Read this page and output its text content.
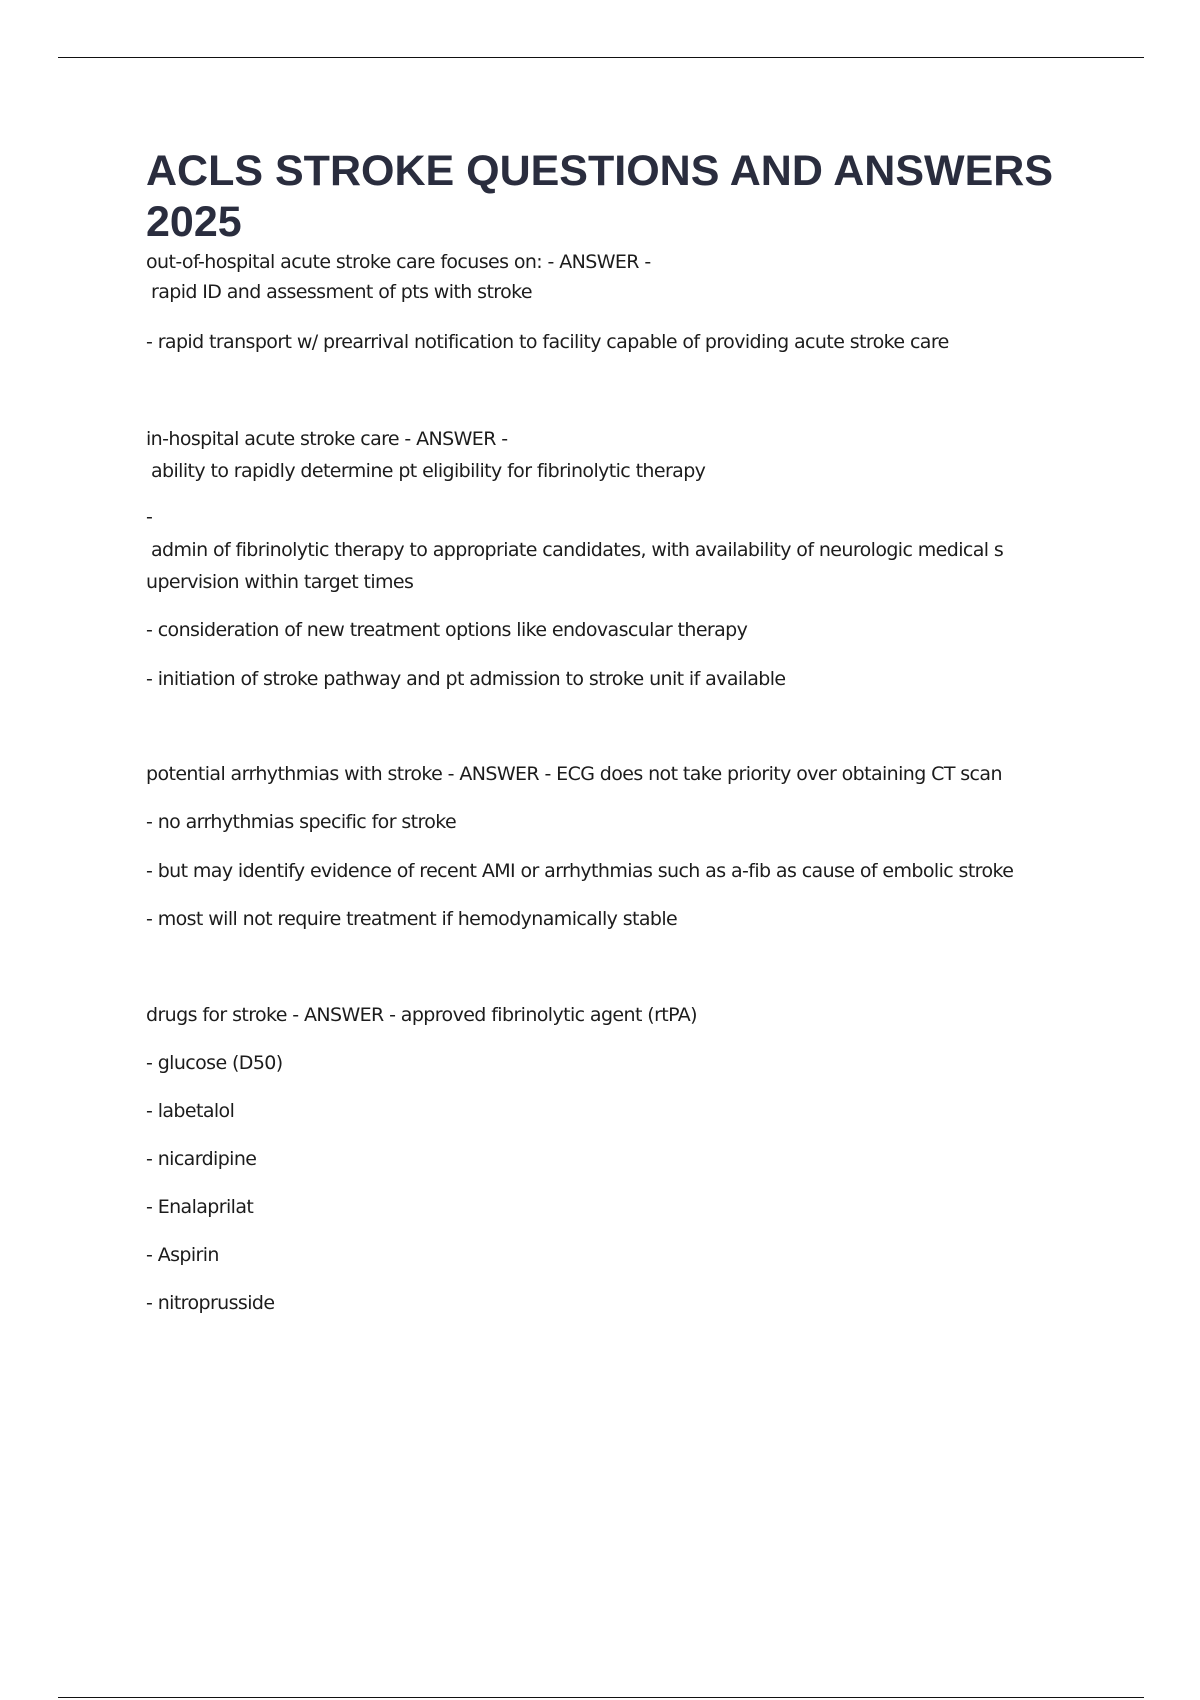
ACLS STROKE QUESTIONS AND ANSWERS
2025

out-of-hospital acute stroke care focuses on: - ANSWER -

rapid ID and assessment of pts with stroke

- rapid transport w/ prearrival notification to facility capable of providing acute stroke care

in-hospital acute stroke care - ANSWER -

ability to rapidly determine pt eligibility for fibrinolytic therapy

-

admin of fibrinolytic therapy to appropriate candidates, with availability of neurologic medical s

upervision within target times

- consideration of new treatment options like endovascular therapy

- initiation of stroke pathway and pt admission to stroke unit if available

potential arrhythmias with stroke - ANSWER - ECG does not take priority over obtaining CT scan

- no arrhythmias specific for stroke

- but may identify evidence of recent AMI or arrhythmias such as a-fib as cause of embolic stroke

- most will not require treatment if hemodynamically stable

drugs for stroke - ANSWER - approved fibrinolytic agent (rtPA)

- glucose (D50)

- labetalol

- nicardipine

- Enalaprilat

- Aspirin

- nitroprusside
